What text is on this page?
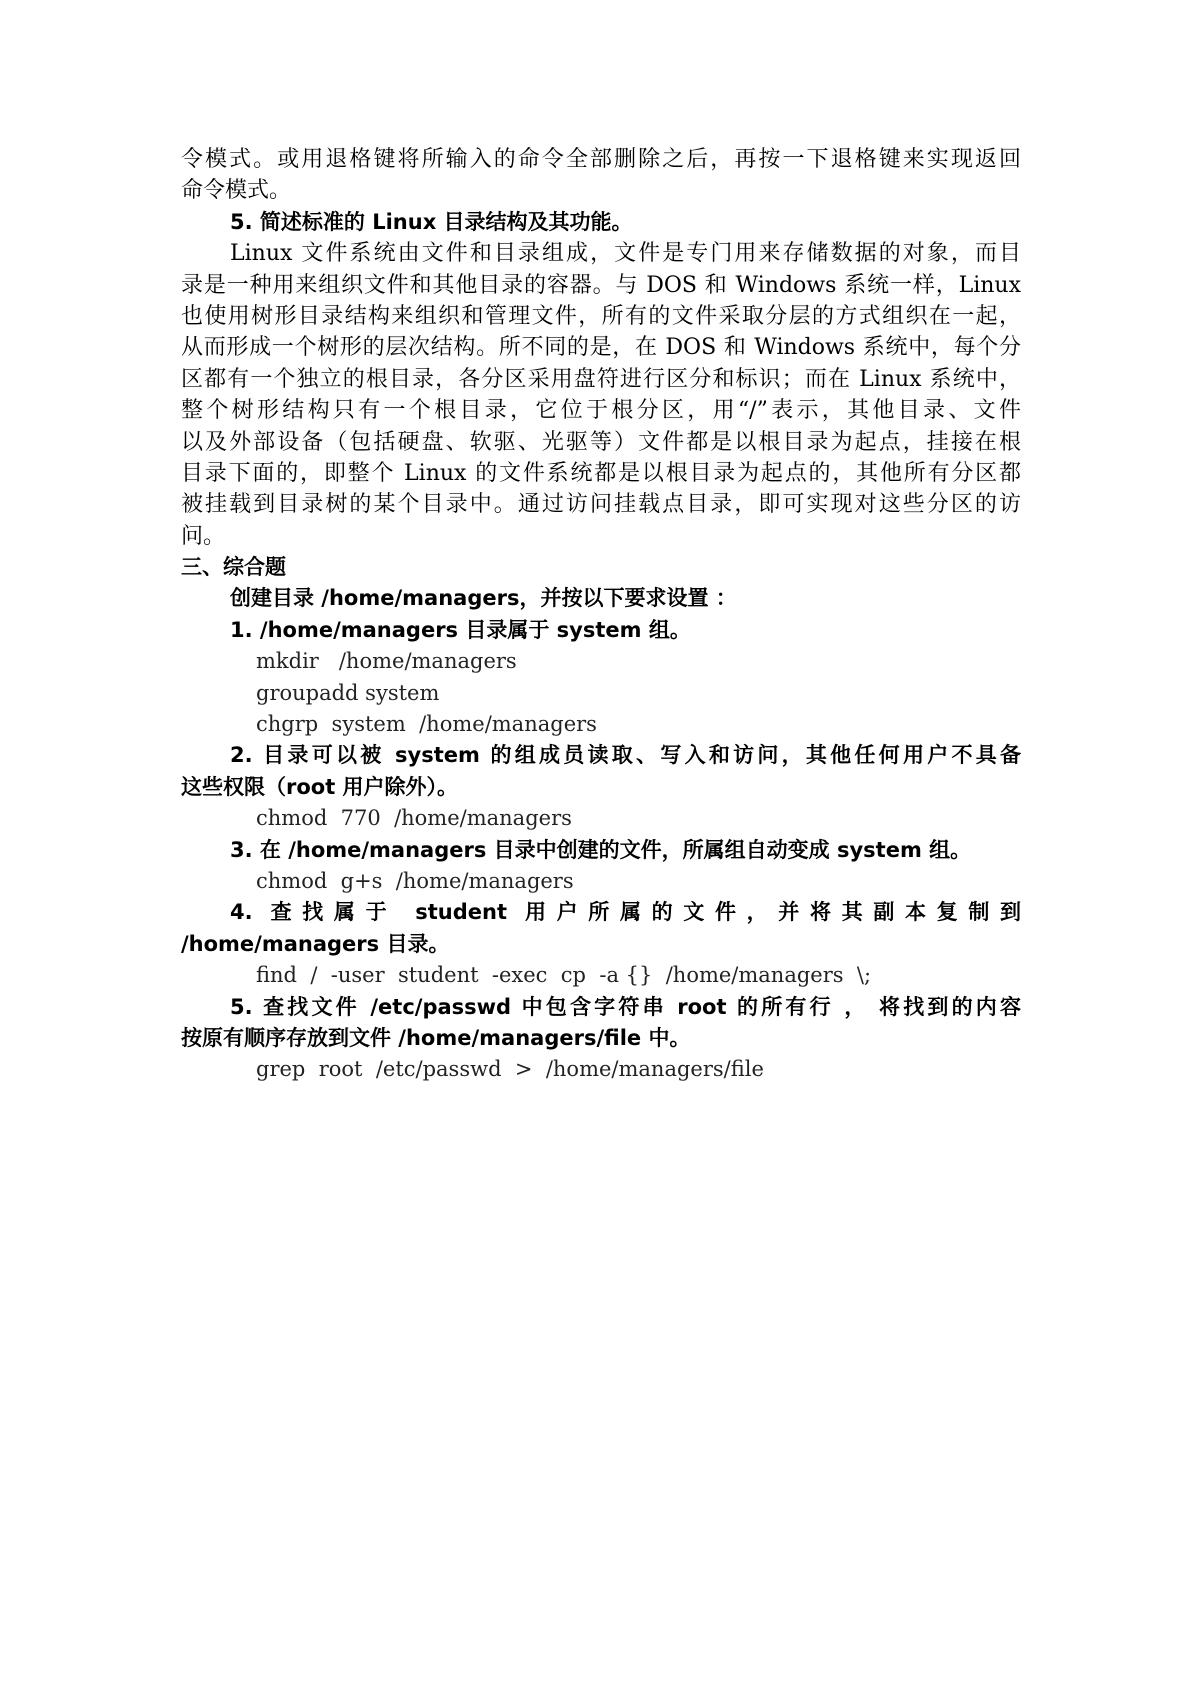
令模式。或用退格键将所输入的命令全部删除之后，再按一下退格键来实现返回
命令模式。
5. 简述标准的 Linux 目录结构及其功能。
Linux 文件系统由文件和目录组成，文件是专门用来存储数据的对象，而目
录是一种用来组织文件和其他目录的容器。与 DOS 和 Windows 系统一样，Linux
也使用树形目录结构来组织和管理文件，所有的文件采取分层的方式组织在一起，
从而形成一个树形的层次结构。所不同的是，在 DOS 和 Windows 系统中，每个分
区都有一个独立的根目录，各分区采用盘符进行区分和标识；而在 Linux 系统中，
整个树形结构只有一个根目录，它位于根分区，用“/”表示，其他目录、文件
以及外部设备（包括硬盘、软驱、光驱等）文件都是以根目录为起点，挂接在根
目录下面的，即整个 Linux 的文件系统都是以根目录为起点的，其他所有分区都
被挂载到目录树的某个目录中。通过访问挂载点目录，即可实现对这些分区的访
问。
三、综合题
创建目录 /home/managers，并按以下要求设置 ：
1. /home/managers 目录属于 system 组。
mkdir   /home/managers
groupadd system
chgrp  system  /home/managers
2. 目录可以被 system 的组成员读取、写入和访问，其他任何用户不具备
这些权限（root 用户除外）。
chmod  770  /home/managers
3. 在 /home/managers 目录中创建的文件，所属组自动变成 system 组。
chmod  g+s  /home/managers
4. 查找属于 student 用户所属的文件，并将其副本复制到
/home/managers 目录。
find  /  -user  student  -exec  cp  -a {}  /home/managers  \;
5. 查找文件 /etc/passwd 中包含字符串 root 的所有行 ， 将找到的内容
按原有顺序存放到文件 /home/managers/file 中。
grep  root  /etc/passwd  >  /home/managers/file
